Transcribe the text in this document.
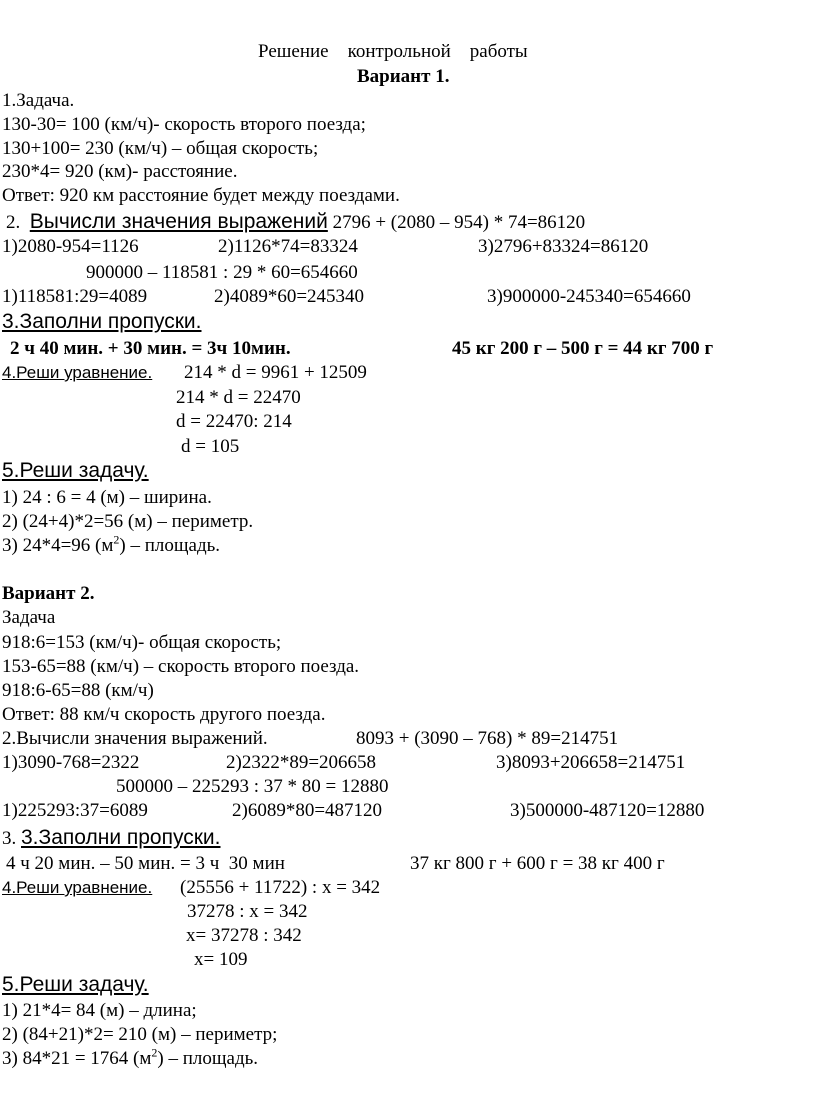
Решение    контрольной    работы
Вариант 1.
1.Задача.
130-30= 100 (км/ч)- скорость второго поезда;
130+100= 230 (км/ч) – общая скорость;
230*4= 920 (км)- расстояние.
Ответ: 920 км расстояние будет между поездами.
2. Вычисли значения выражений 2796 + (2080 – 954) * 74=86120
1)2080-954=1126	2)1126*74=83324	3)2796+83324=86120
900000 – 118581 : 29 * 60=654660
1)118581:29=4089	2)4089*60=245340	3)900000-245340=654660
3.Заполни пропуски.
2 ч 40 мин. + 30 мин. = 3ч 10мин.	45 кг 200 г – 500 г = 44 кг 700 г
4.Реши уравнение. 214 * d = 9961 + 12509
214 * d = 22470
d = 22470: 214
d = 105
5.Реши задачу.
1) 24 : 6 = 4 (м) – ширина.
2) (24+4)*2=56 (м) – периметр.
3) 24*4=96 $(м^2)$ – площадь.
Вариант 2.
Задача
918:6=153 (км/ч)- общая скорость;
153-65=88 (км/ч) – скорость второго поезда.
918:6-65=88 (км/ч)
Ответ: 88 км/ч скорость другого поезда.
2.Вычисли значения выражений.	8093 + (3090 – 768) * 89=214751
1)3090-768=2322	2)2322*89=206658	3)8093+206658=214751
500000 – 225293 : 37 * 80 = 12880
1)225293:37=6089	2)6089*80=487120	3)500000-487120=12880
3. 3.Заполни пропуски.
4 ч 20 мин. – 50 мин. = 3 ч  30 мин	37 кг 800 г + 600 г = 38 кг 400 г
4.Реши уравнение. (25556 + 11722) : х = 342
37278 : х = 342
х= 37278 : 342
х= 109
5.Реши задачу.
1) 21*4= 84 (м) – длина;
2) (84+21)*2= 210 (м) – периметр;
3) 84*21 = 1764 $(м^2)$ – площадь.
